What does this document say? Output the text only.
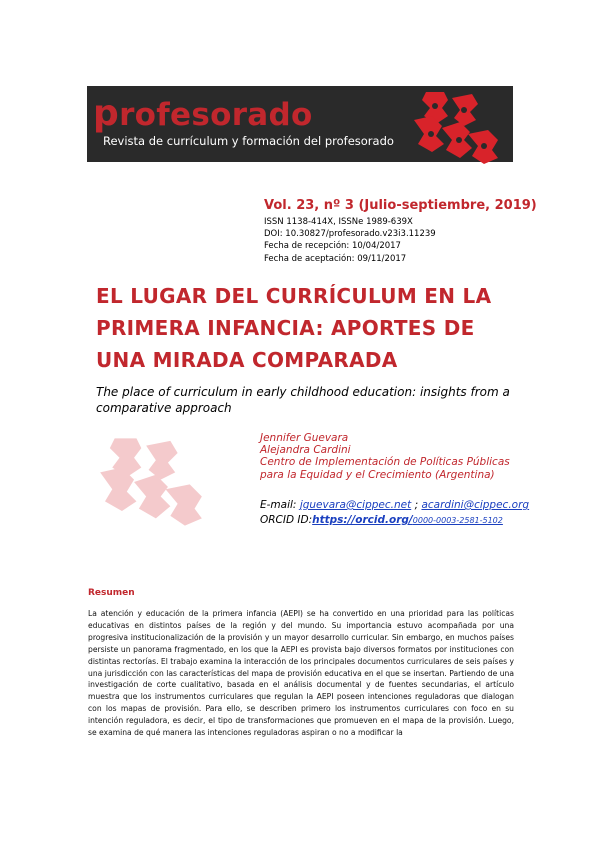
profesorado
Revista de currículum y formación del profesorado
Vol. 23, nº 3 (Julio-septiembre, 2019)
ISSN 1138-414X, ISSNe 1989-639X
DOI: 10.30827/profesorado.v23i3.11239
Fecha de recepción: 10/04/2017
Fecha de aceptación: 09/11/2017
EL LUGAR DEL CURRÍCULUM EN LA PRIMERA INFANCIA: APORTES DE UNA MIRADA COMPARADA

The place of curriculum in early childhood education: insights from a comparative approach

Jennifer Guevara
Alejandra Cardini
Centro de Implementación de Políticas Públicas
para la Equidad y el Crecimiento (Argentina)
E-mail: jguevara@cippec.net ; acardini@cippec.org
ORCID ID:https://orcid.org/0000-0003-2581-5102
Resumen

La atención y educación de la primera infancia (AEPI) se ha convertido en una prioridad para las políticas educativas en distintos países de la región y del mundo. Su importancia estuvo acompañada por una progresiva institucionalización de la provisión y un mayor desarrollo curricular. Sin embargo, en muchos países persiste un panorama fragmentado, en los que la AEPI es provista bajo diversos formatos por instituciones con distintas rectorías. El trabajo examina la interacción de los principales documentos curriculares de seis países y una jurisdicción con las características del mapa de provisión educativa en el que se insertan. Partiendo de una investigación de corte cualitativo, basada en el análisis documental y de fuentes secundarias, el artículo muestra que los instrumentos curriculares que regulan la AEPI poseen intenciones reguladoras que dialogan con los mapas de provisión. Para ello, se describen primero los instrumentos curriculares con foco en su intención reguladora, es decir, el tipo de transformaciones que promueven en el mapa de la provisión. Luego, se examina de qué manera las intenciones reguladoras aspiran o no a modificar la
